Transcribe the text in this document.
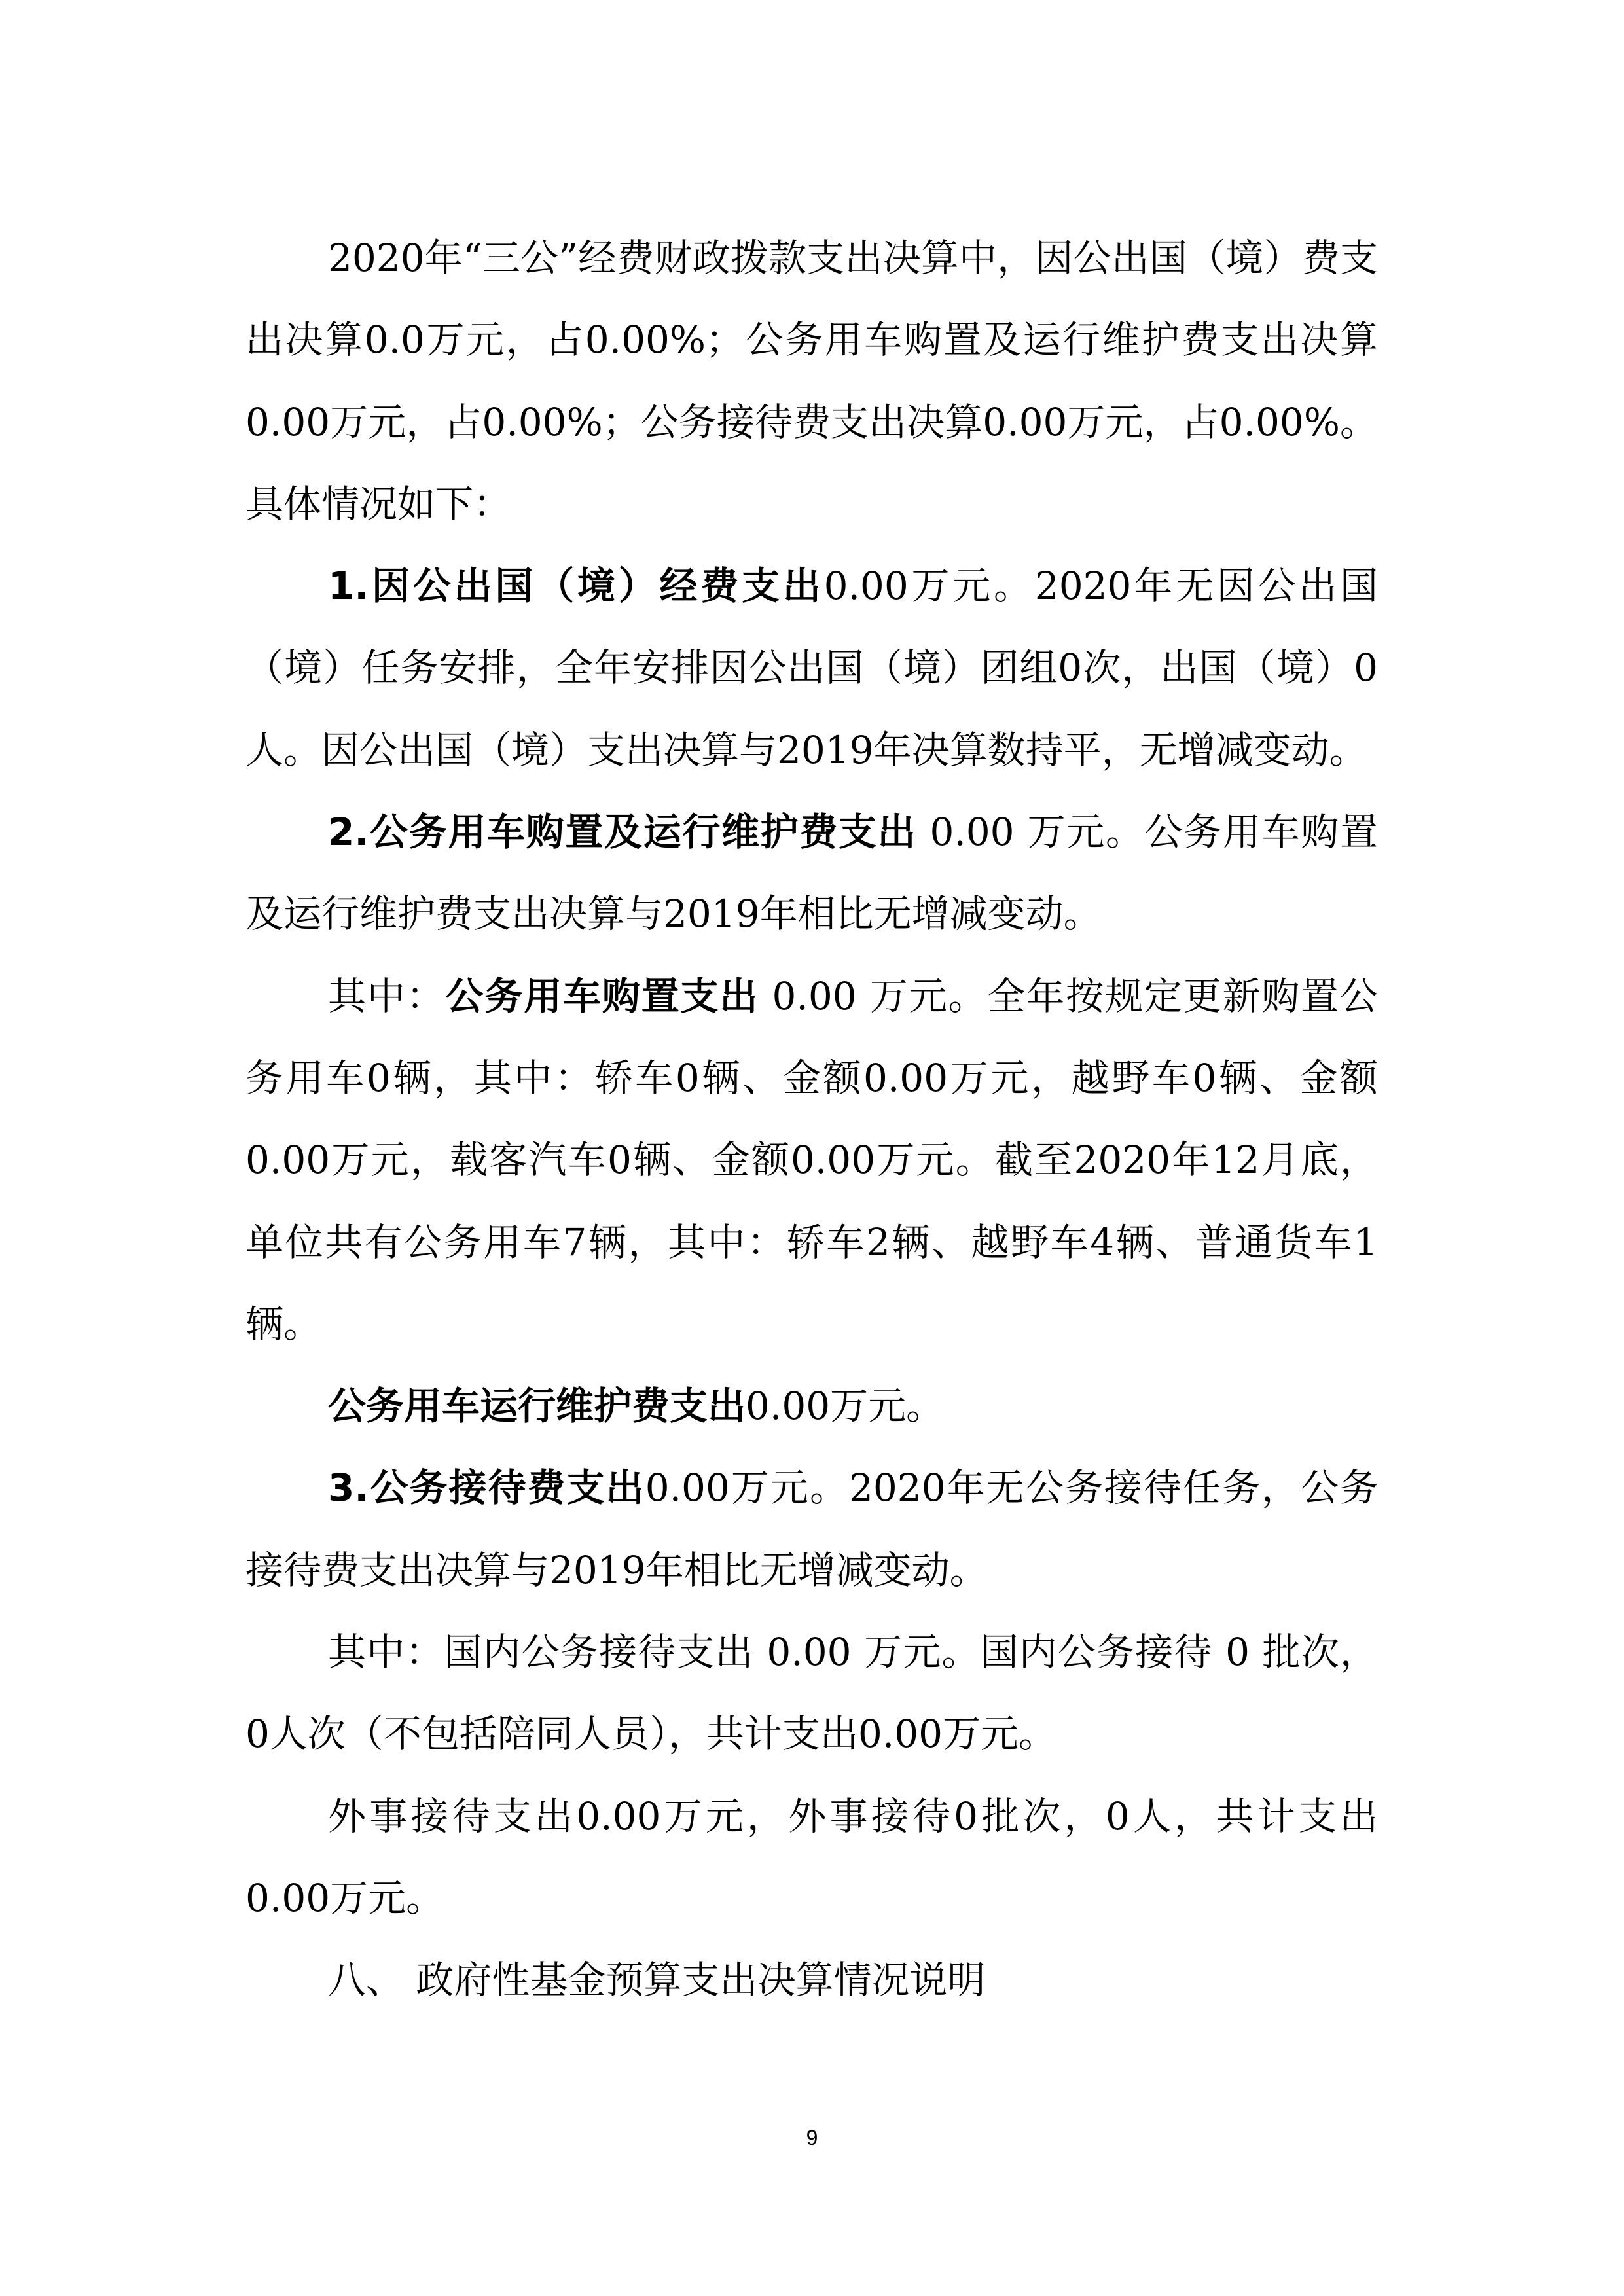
2020年“三公”经费财政拨款支出决算中，因公出国（境）费支出决算0.0万元，占0.00%；公务用车购置及运行维护费支出决算0.00万元，占0.00%；公务接待费支出决算0.00万元，占0.00%。具体情况如下：

1.因公出国（境）经费支出0.00万元。2020年无因公出国（境）任务安排，全年安排因公出国（境）团组0次，出国（境）0人。因公出国（境）支出决算与2019年决算数持平，无增减变动。

2.公务用车购置及运行维护费支出 0.00 万元。公务用车购置及运行维护费支出决算与2019年相比无增减变动。

其中：公务用车购置支出 0.00 万元。全年按规定更新购置公务用车0辆，其中：轿车0辆、金额0.00万元，越野车0辆、金额0.00万元，载客汽车0辆、金额0.00万元。截至2020年12月底，单位共有公务用车7辆，其中：轿车2辆、越野车4辆、普通货车1辆。

公务用车运行维护费支出0.00万元。

3.公务接待费支出0.00万元。2020年无公务接待任务，公务接待费支出决算与2019年相比无增减变动。

其中：国内公务接待支出 0.00 万元。国内公务接待 0 批次，0人次（不包括陪同人员），共计支出0.00万元。

外事接待支出0.00万元，外事接待0批次，0人，共计支出0.00万元。

八、 政府性基金预算支出决算情况说明

9
